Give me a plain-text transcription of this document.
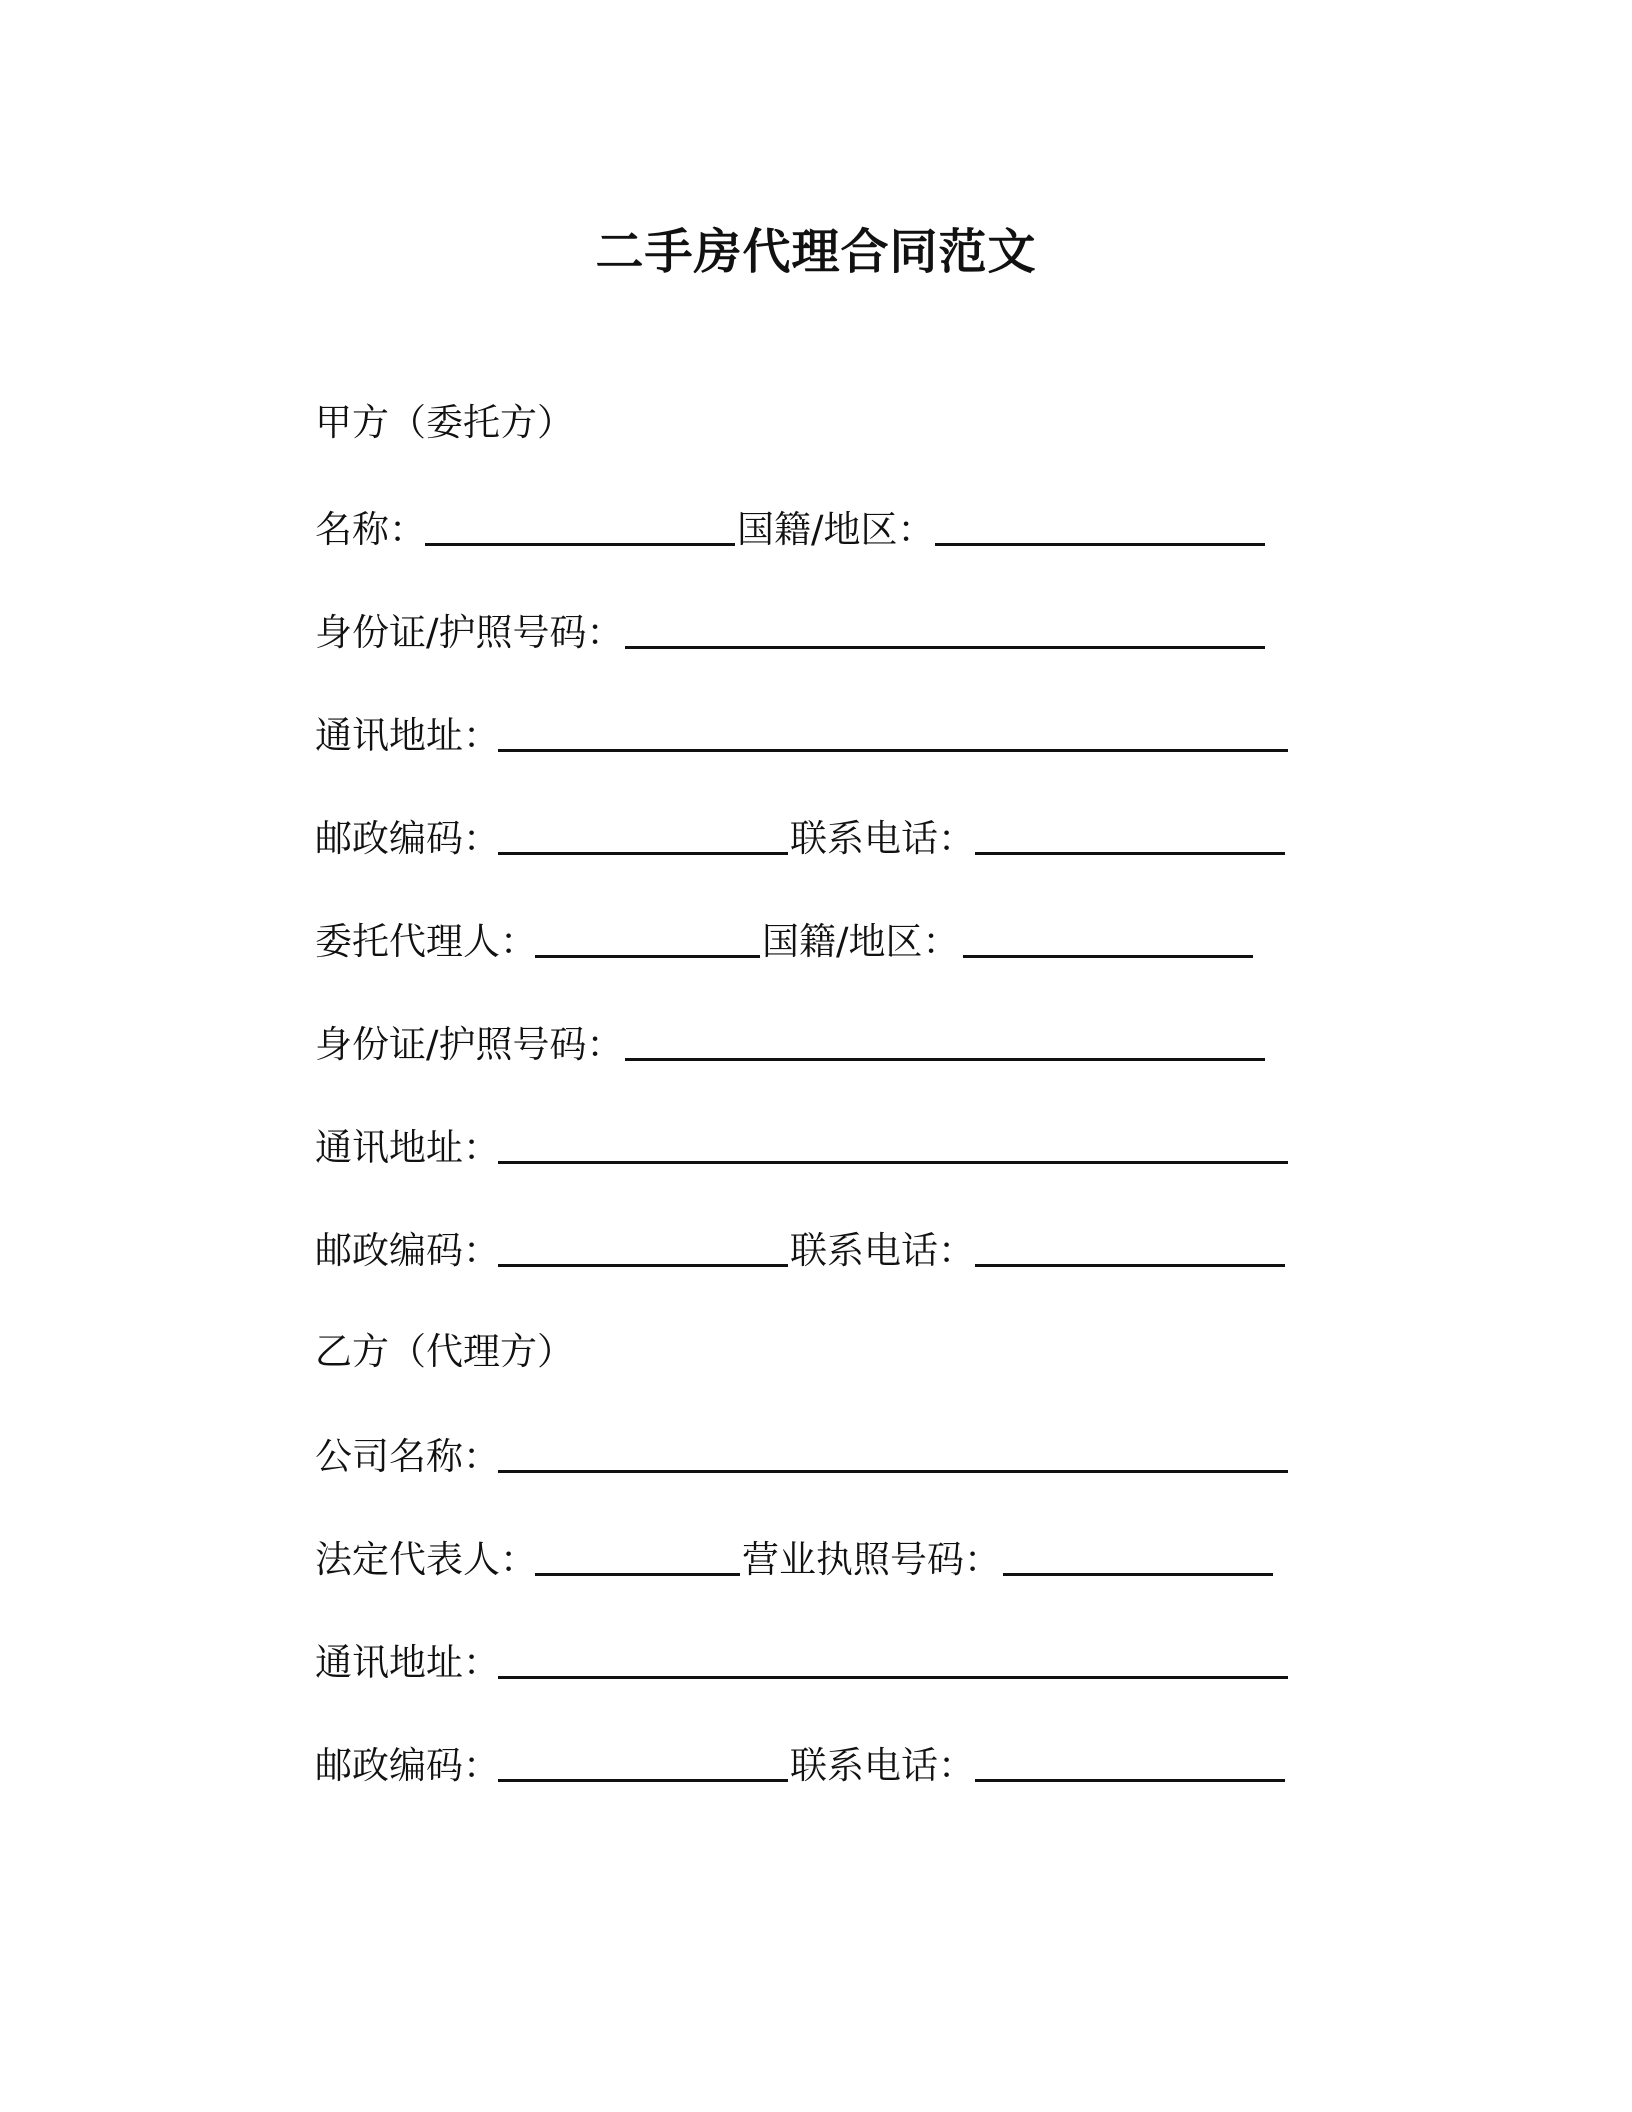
二手房代理合同范文
甲方（委托方）
名称：	国籍/地区：
身份证/护照号码：
通讯地址：
邮政编码：	联系电话：
委托代理人：	国籍/地区：
身份证/护照号码：
通讯地址：
邮政编码：	联系电话：
乙方（代理方）
公司名称：
法定代表人：	营业执照号码：
通讯地址：
邮政编码：	联系电话：
